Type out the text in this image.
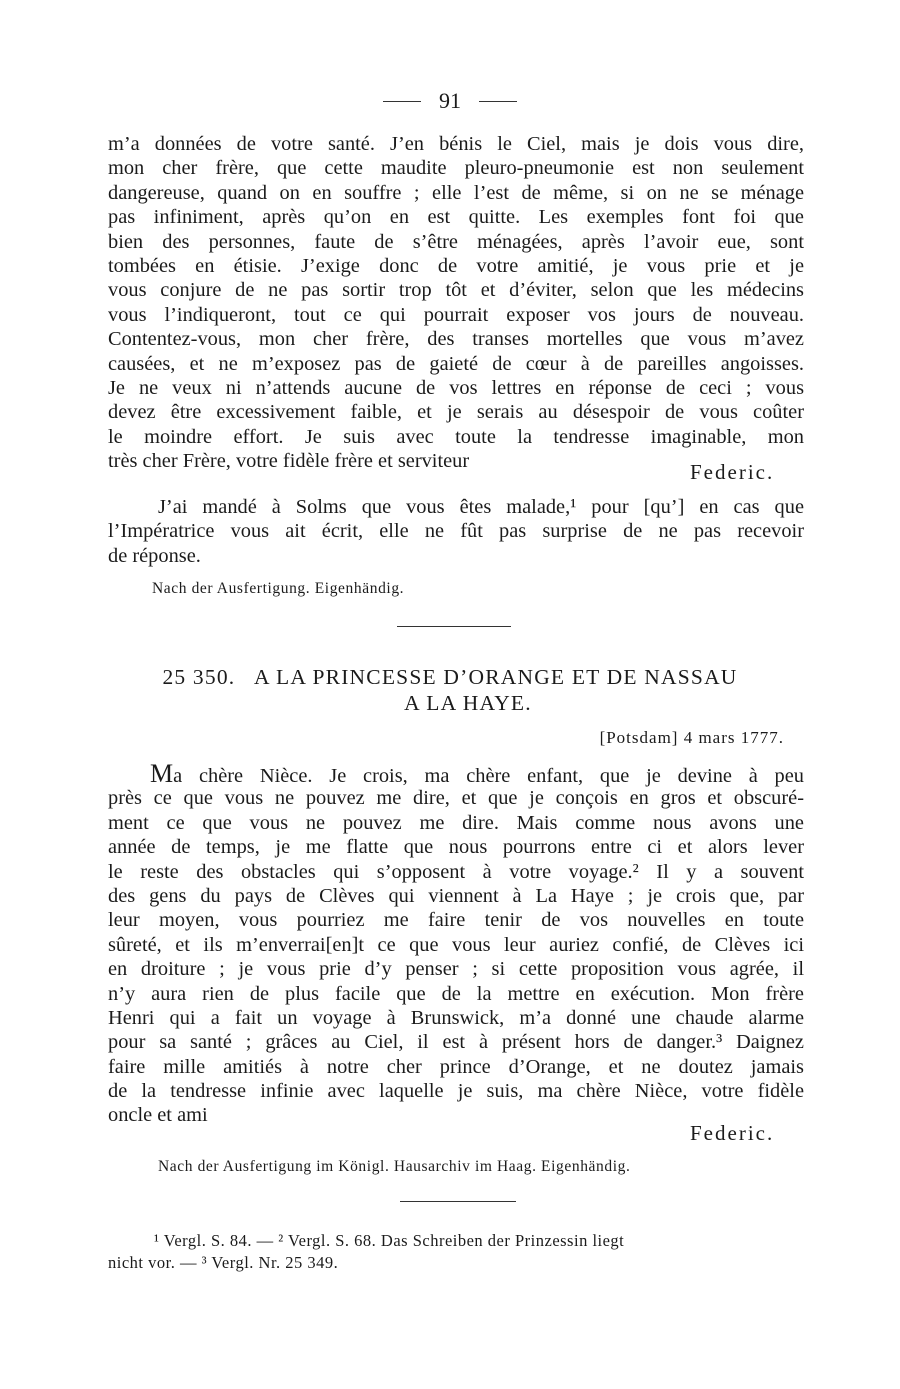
91
m’a données de votre santé. J’en bénis le Ciel, mais je dois vous dire,
mon cher frère, que cette maudite pleuro-pneumonie est non seulement
dangereuse, quand on en souffre ; elle l’est de même, si on ne se ménage
pas infiniment, après qu’on en est quitte. Les exemples font foi que
bien des personnes, faute de s’être ménagées, après l’avoir eue, sont
tombées en étisie. J’exige donc de votre amitié, je vous prie et je
vous conjure de ne pas sortir trop tôt et d’éviter, selon que les médecins
vous l’indiqueront, tout ce qui pourrait exposer vos jours de nouveau.
Contentez-vous, mon cher frère, des transes mortelles que vous m’avez
causées, et ne m’exposez pas de gaieté de cœur à de pareilles angoisses.
Je ne veux ni n’attends aucune de vos lettres en réponse de ceci ; vous
devez être excessivement faible, et je serais au désespoir de vous coûter
le moindre effort. Je suis avec toute la tendresse imaginable, mon
très cher Frère, votre fidèle frère et serviteur	Federic.
J’ai mandé à Solms que vous êtes malade,¹ pour [qu’] en cas que
l’Impératrice vous ait écrit, elle ne fût pas surprise de ne pas recevoir
de réponse.
Nach der Ausfertigung. Eigenhändig.
25 350. A LA PRINCESSE D’ORANGE ET DE NASSAU
A LA HAYE.
[Potsdam] 4 mars 1777.
Ma chère Nièce. Je crois, ma chère enfant, que je devine à peu
près ce que vous ne pouvez me dire, et que je conçois en gros et obscuré-
ment ce que vous ne pouvez me dire. Mais comme nous avons une
année de temps, je me flatte que nous pourrons entre ci et alors lever
le reste des obstacles qui s’opposent à votre voyage.² Il y a souvent
des gens du pays de Clèves qui viennent à La Haye ; je crois que, par
leur moyen, vous pourriez me faire tenir de vos nouvelles en toute
sûreté, et ils m’enverrai[en]t ce que vous leur auriez confié, de Clèves ici
en droiture ; je vous prie d’y penser ; si cette proposition vous agrée, il
n’y aura rien de plus facile que de la mettre en exécution. Mon frère
Henri qui a fait un voyage à Brunswick, m’a donné une chaude alarme
pour sa santé ; grâces au Ciel, il est à présent hors de danger.³ Daignez
faire mille amitiés à notre cher prince d’Orange, et ne doutez jamais
de la tendresse infinie avec laquelle je suis, ma chère Nièce, votre fidèle
oncle et ami
Federic.
Nach der Ausfertigung im Königl. Hausarchiv im Haag. Eigenhändig.
¹ Vergl. S. 84. — ² Vergl. S. 68. Das Schreiben der Prinzessin liegt
nicht vor. — ³ Vergl. Nr. 25 349.
